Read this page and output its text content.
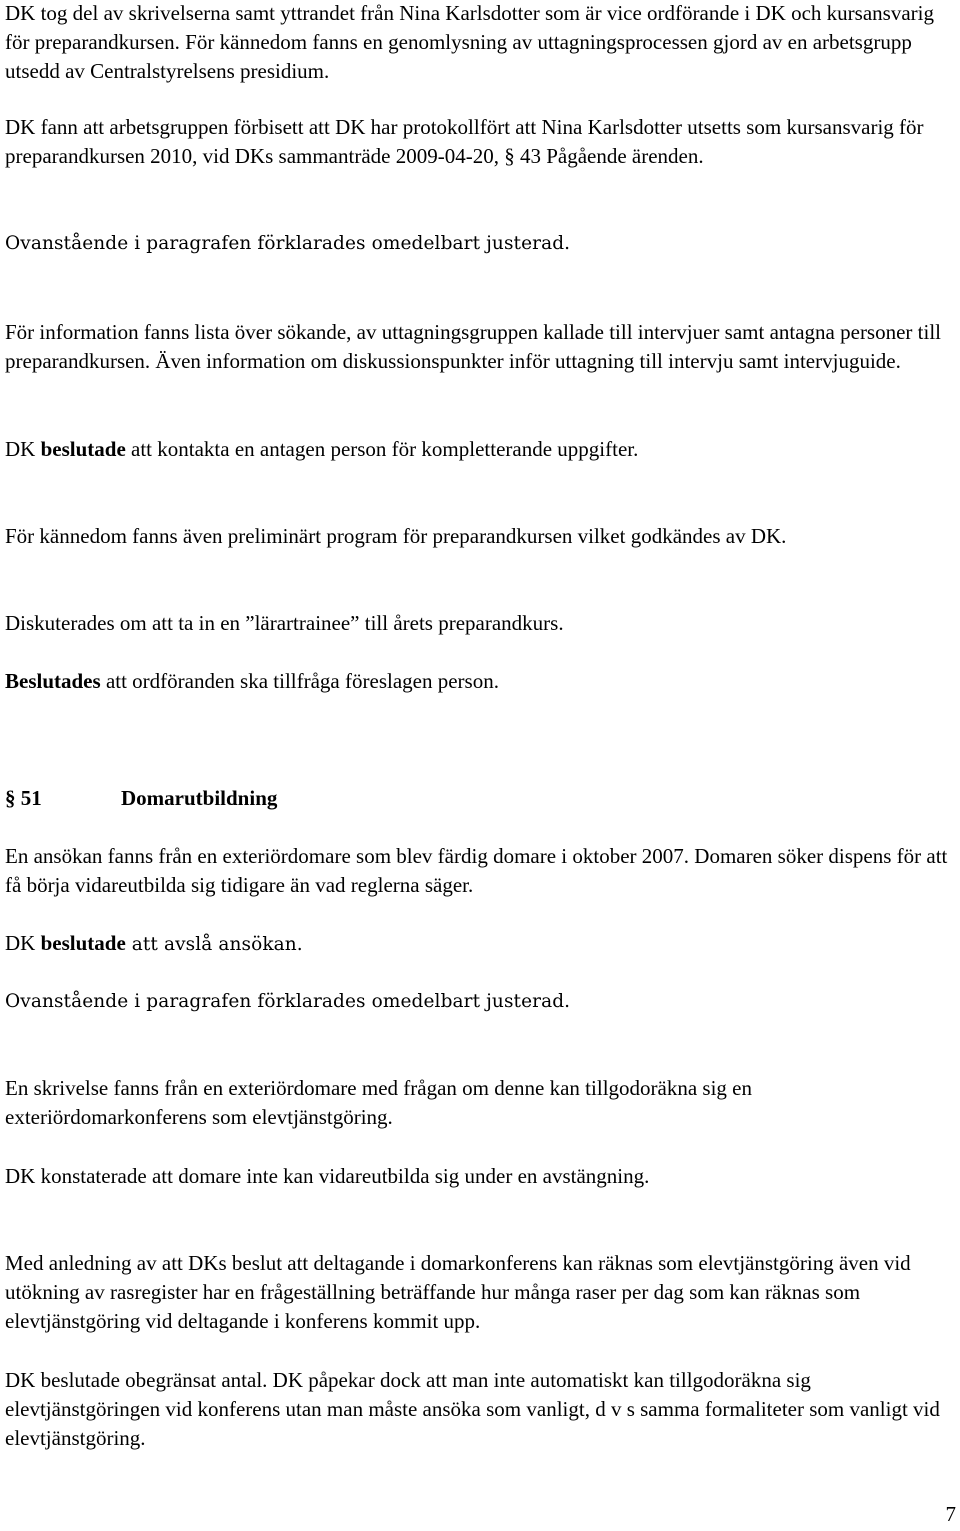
DK tog del av skrivelserna samt yttrandet från Nina Karlsdotter som är vice ordförande i DK och kursansvarig för preparandkursen. För kännedom fanns en genomlysning av uttagningsprocessen gjord av en arbetsgrupp utsedd av Centralstyrelsens presidium.

DK fann att arbetsgruppen förbisett att DK har protokollfört att Nina Karlsdotter utsetts som kursansvarig för preparandkursen 2010, vid DKs sammanträde 2009-04-20, § 43 Pågående ärenden.

Ovanstående i paragrafen förklarades omedelbart justerad.

För information fanns lista över sökande, av uttagningsgruppen kallade till intervjuer samt antagna personer till preparandkursen. Även information om diskussionspunkter inför uttagning till intervju samt intervjuguide.

DK beslutade att kontakta en antagen person för kompletterande uppgifter.

För kännedom fanns även preliminärt program för preparandkursen vilket godkändes av DK.

Diskuterades om att ta in en ”lärartrainee” till årets preparandkurs.

Beslutades att ordföranden ska tillfråga föreslagen person.

§ 51	Domarutbildning

En ansökan fanns från en exteriördomare som blev färdig domare i oktober 2007. Domaren söker dispens för att få börja vidareutbilda sig tidigare än vad reglerna säger.

DK beslutade att avslå ansökan.

Ovanstående i paragrafen förklarades omedelbart justerad.

En skrivelse fanns från en exteriördomare med frågan om denne kan tillgodoräkna sig en exteriördomarkonferens som elevtjänstgöring.

DK konstaterade att domare inte kan vidareutbilda sig under en avstängning.

Med anledning av att DKs beslut att deltagande i domarkonferens kan räknas som elevtjänstgöring även vid utökning av rasregister har en frågeställning beträffande hur många raser per dag som kan räknas som elevtjänstgöring vid deltagande i konferens kommit upp.

DK beslutade obegränsat antal. DK påpekar dock att man inte automatiskt kan tillgodoräkna sig elevtjänstgöringen vid konferens utan man måste ansöka som vanligt, d v s samma formaliteter som vanligt vid elevtjänstgöring.

7
